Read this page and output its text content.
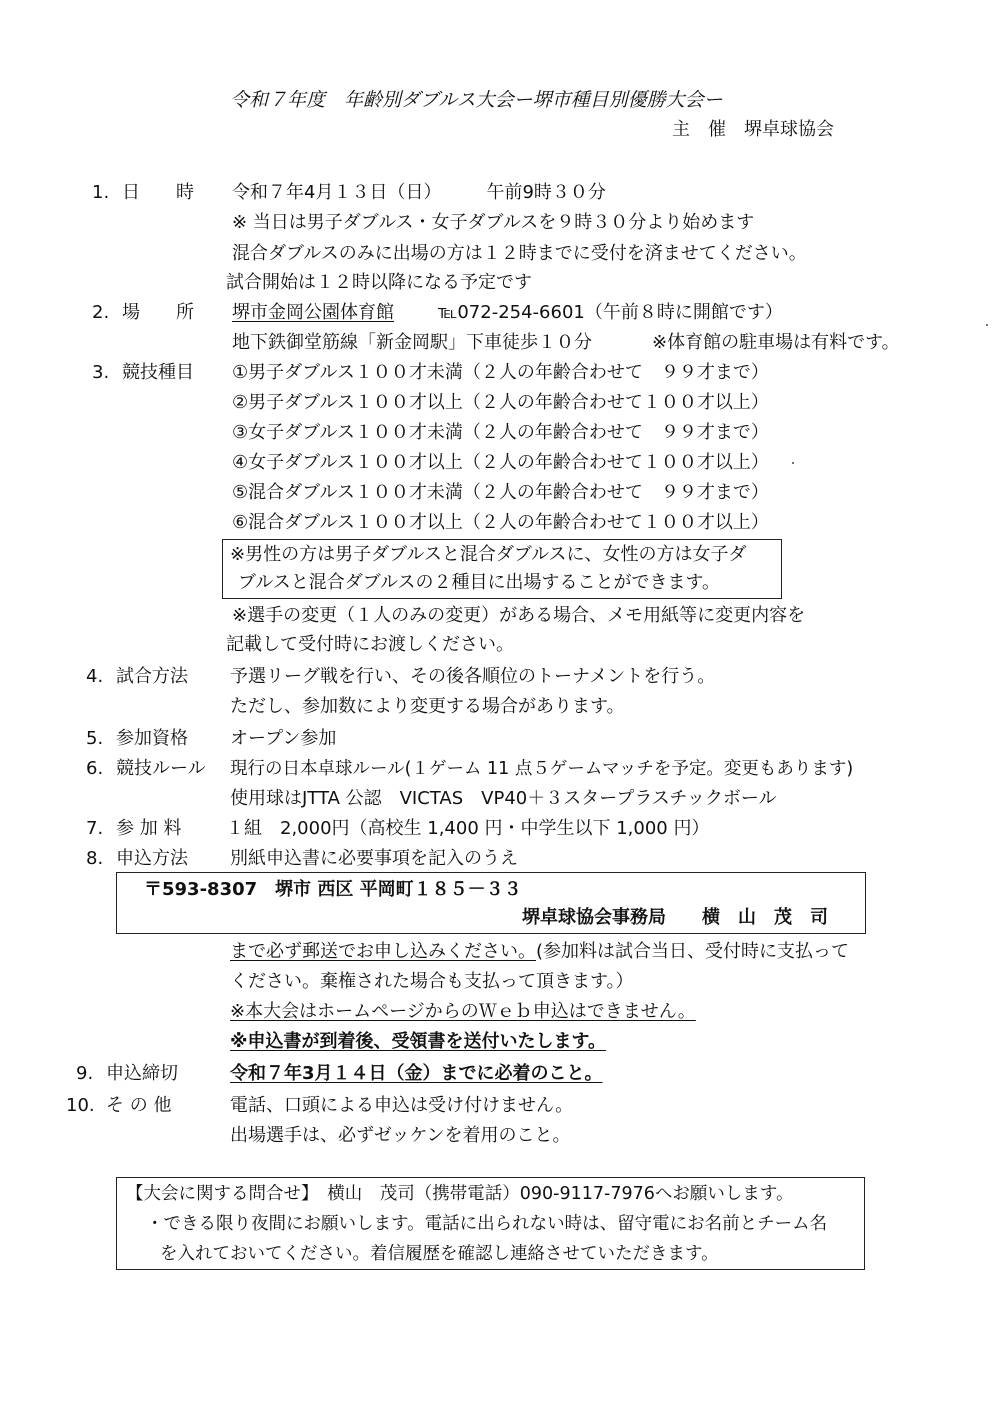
令和７年度　年齢別ダブルス大会ー堺市種目別優勝大会ー
主　催　堺卓球協会
1. 日　　時 令和７年4月１３日（日）　　　午前9時３０分
※ 当日は男子ダブルス・女子ダブルスを９時３０分より始めます
混合ダブルスのみに出場の方は１２時までに受付を済ませてください。
試合開始は１２時以降になる予定です
2. 場　　所 堺市金岡公園体育館 ℡072-254-6601（午前８時に開館です）
地下鉄御堂筋線「新金岡駅」下車徒歩１０分	※体育館の駐車場は有料です。
3. 競技種目 ①男子ダブルス１００才未満（２人の年齢合わせて　９９才まで）
②男子ダブルス１００才以上（２人の年齢合わせて１００才以上）
③女子ダブルス１００才未満（２人の年齢合わせて　９９才まで）
④女子ダブルス１００才以上（２人の年齢合わせて１００才以上）
⑤混合ダブルス１００才未満（２人の年齢合わせて　９９才まで）
⑥混合ダブルス１００才以上（２人の年齢合わせて１００才以上）
※男性の方は男子ダブルスと混合ダブルスに、女性の方は女子ダ
ブルスと混合ダブルスの２種目に出場することができます。
※選手の変更（１人のみの変更）がある場合、メモ用紙等に変更内容を
記載して受付時にお渡しください。
4. 試合方法 予選リーグ戦を行い、その後各順位のトーナメントを行う。
ただし、参加数により変更する場合があります。
5. 参加資格 オープン参加
6. 競技ルール 現行の日本卓球ルール(１ゲーム 11 点５ゲームマッチを予定。変更もあります)
使用球はJTTA 公認　VICTAS　VP40＋３スタープラスチックボール
7. 参 加 料 １組　2,000円（高校生 1,400 円・中学生以下 1,000 円）
8. 申込方法 別紙申込書に必要事項を記入のうえ
〒593-8307　堺市 西区 平岡町１８５－３３
堺卓球協会事務局　　横　山　茂　司
まで必ず郵送でお申し込みください。 (参加料は試合当日、受付時に支払って
ください。棄権された場合も支払って頂きます。）
※本大会はホームページからのＷｅｂ申込はできません。
※申込書が到着後、受領書を送付いたします。
9. 申込締切	令和７年3月１４日（金）までに必着のこと。
10. そ の 他	電話、口頭による申込は受け付けません。
出場選手は、必ずゼッケンを着用のこと。
【大会に関する問合せ】　横山　茂司（携帯電話）090-9117-7976へお願いします。
・できる限り夜間にお願いします。電話に出られない時は、留守電にお名前とチーム名
を入れておいてください。着信履歴を確認し連絡させていただきます。
